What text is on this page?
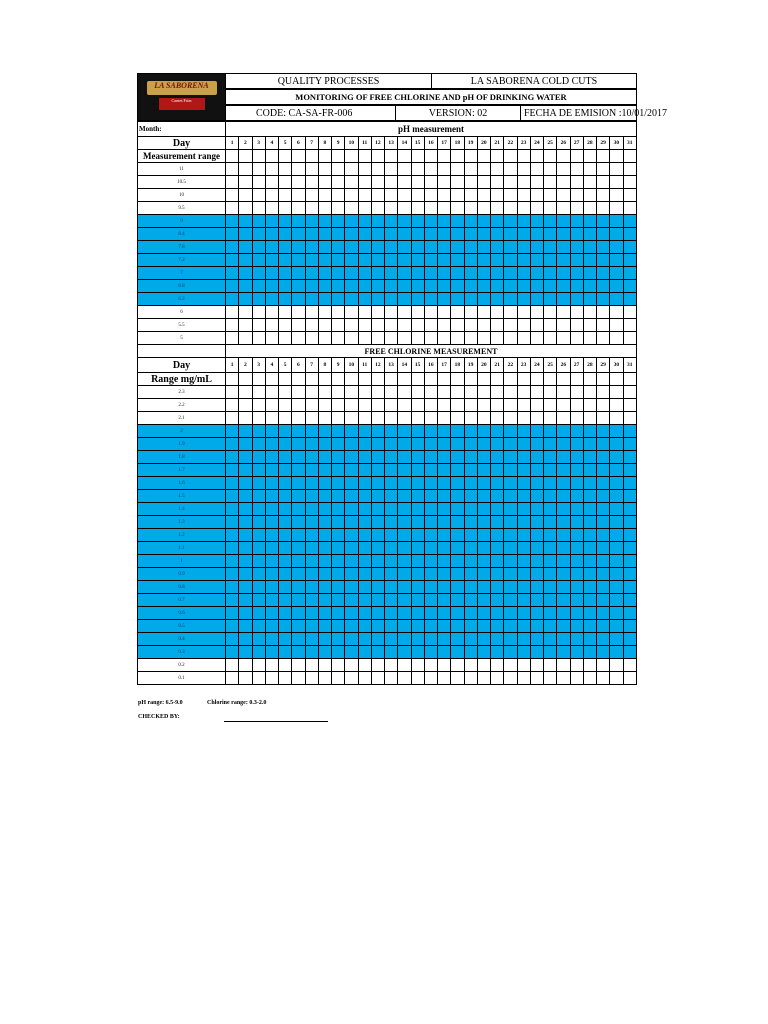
LA SABORENA
Carnes Frías
	QUALITY PROCESSES	LA SABORENA COLD CUTS
MONITORING OF FREE CHLORINE AND pH OF DRINKING WATER

CODE: CA-SA-FR-006	VERSION: 02	FECHA DE EMISION :10/01/2017
Month:	pH measurement																														
Day	1	2	3	4	5	6	7	8	9	10	11	12	13	14	15	16	17	18	19	20	21	22	23	24	25	26	27	28	29	30	31
Measurement range																															
11																															
10.5																															
10																															
9.5																															
9																															
8.4																															
7.8																															
7.2																															
7																															
6.8																															
6.2																															
6																															
5.5																															
5																															
	FREE CHLORINE MEASUREMENT																														
Day	1	2	3	4	5	6	7	8	9	10	11	12	13	14	15	16	17	18	19	20	21	22	23	24	25	26	27	28	29	30	31
Range mg/mL																															
2.3																															
2.2																															
2.1																															
2																															
1.9																															
1.8																															
1.7																															
1.6																															
1.5																															
1.4																															
1.3																															
1.2																															
1.1																															
1																															
0.9																															
0.8																															
0.7																															
0.6																															
0.5																															
0.4																															
0.3																															
0.2																															
0.1																															
pH range: 6.5-9.0	Chlorine range: 0.3-2.0
CHECKED BY:
